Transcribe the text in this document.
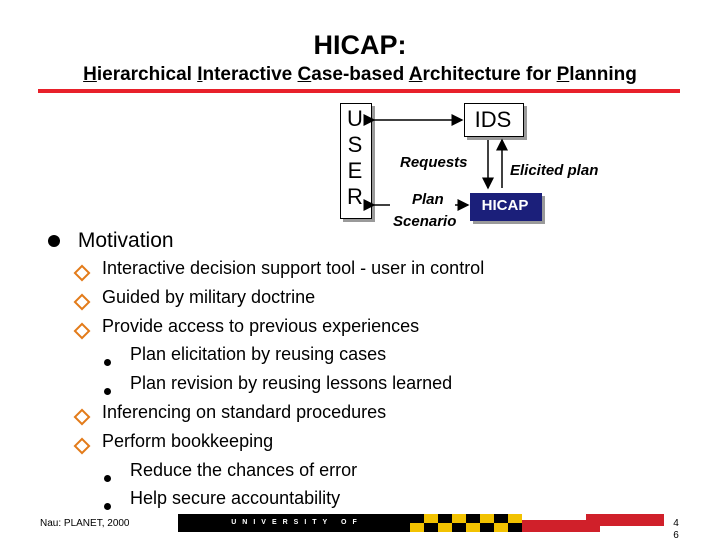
HICAP:
Hierarchical Interactive Case-based Architecture for Planning
U
S
E
R
IDS
HICAP
Requests	Elicited plan
Plan
Scenario
Motivation
Interactive decision support tool - user in control
Guided by military doctrine
Provide access to previous experiences
Plan elicitation by reusing cases
Plan revision by reusing lessons learned
Inferencing on standard procedures
Perform bookkeeping
Reduce the chances of error
Help secure accountability
Nau: PLANET, 2000	UNIVERSITY OF MARYLAND
4
6
